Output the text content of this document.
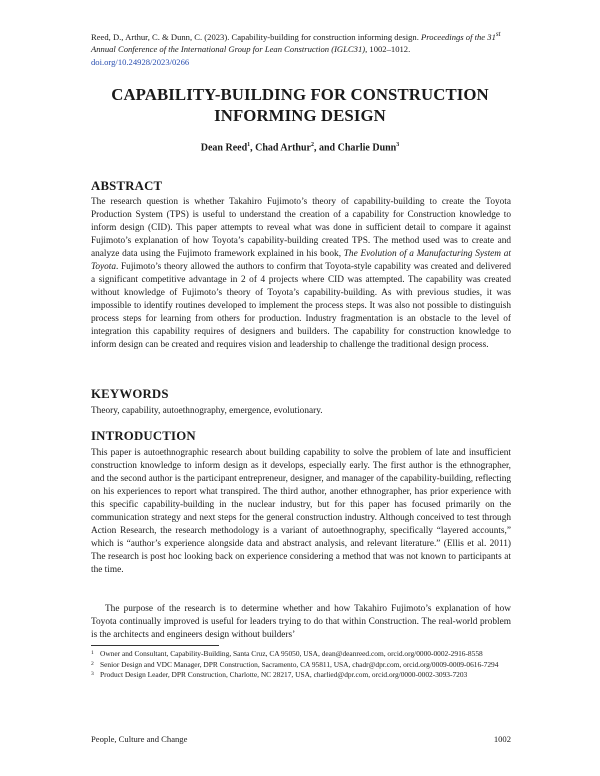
Reed, D., Arthur, C. & Dunn, C. (2023). Capability-building for construction informing design. Proceedings of the 31st Annual Conference of the International Group for Lean Construction (IGLC31), 1002–1012.
doi.org/10.24928/2023/0266
CAPABILITY-BUILDING FOR CONSTRUCTION
INFORMING DESIGN
Dean Reed$^1$, Chad Arthur$^2$, and Charlie Dunn$^3$
ABSTRACT
The research question is whether Takahiro Fujimoto’s theory of capability-building to create the Toyota Production System (TPS) is useful to understand the creation of a capability for Construction knowledge to inform design (CID). This paper attempts to reveal what was done in sufficient detail to compare it against Fujimoto’s explanation of how Toyota’s capability-building created TPS. The method used was to create and analyze data using the Fujimoto framework explained in his book, The Evolution of a Manufacturing System at Toyota. Fujimoto’s theory allowed the authors to confirm that Toyota-style capability was created and delivered a significant competitive advantage in 2 of 4 projects where CID was attempted. The capability was created without knowledge of Fujimoto’s theory of Toyota’s capability-building. As with previous studies, it was impossible to identify routines developed to implement the process steps. It was also not possible to distinguish process steps for learning from others for production. Industry fragmentation is an obstacle to the level of integration this capability requires of designers and builders. The capability for construction knowledge to inform design can be created and requires vision and leadership to challenge the traditional design process.
KEYWORDS
Theory, capability, autoethnography, emergence, evolutionary.
INTRODUCTION
This paper is autoethnographic research about building capability to solve the problem of late and insufficient construction knowledge to inform design as it develops, especially early. The first author is the ethnographer, and the second author is the participant entrepreneur, designer, and manager of the capability-building, reflecting on his experiences to report what transpired. The third author, another ethnographer, has prior experience with this specific capability-building in the nuclear industry, but for this paper has focused primarily on the communication strategy and next steps for the general construction industry. Although conceived to test through Action Research, the research methodology is a variant of autoethnography, specifically “layered accounts,” which is “author’s experience alongside data and abstract analysis, and relevant literature.” (Ellis et al. 2011) The research is post hoc looking back on experience considering a method that was not known to participants at the time.
The purpose of the research is to determine whether and how Takahiro Fujimoto’s explanation of how Toyota continually improved is useful for leaders trying to do that within Construction. The real-world problem is the architects and engineers design without builders’
1 Owner and Consultant, Capability-Building, Santa Cruz, CA 95050, USA, dean@deanreed.com, orcid.org/0000-0002-2916-8558
2 Senior Design and VDC Manager, DPR Construction, Sacramento, CA 95811, USA, chadr@dpr.com, orcid.org/0009-0009-0616-7294
3 Product Design Leader, DPR Construction, Charlotte, NC 28217, USA, charlied@dpr.com, orcid.org/0000-0002-3093-7203
People, Culture and Change	1002
